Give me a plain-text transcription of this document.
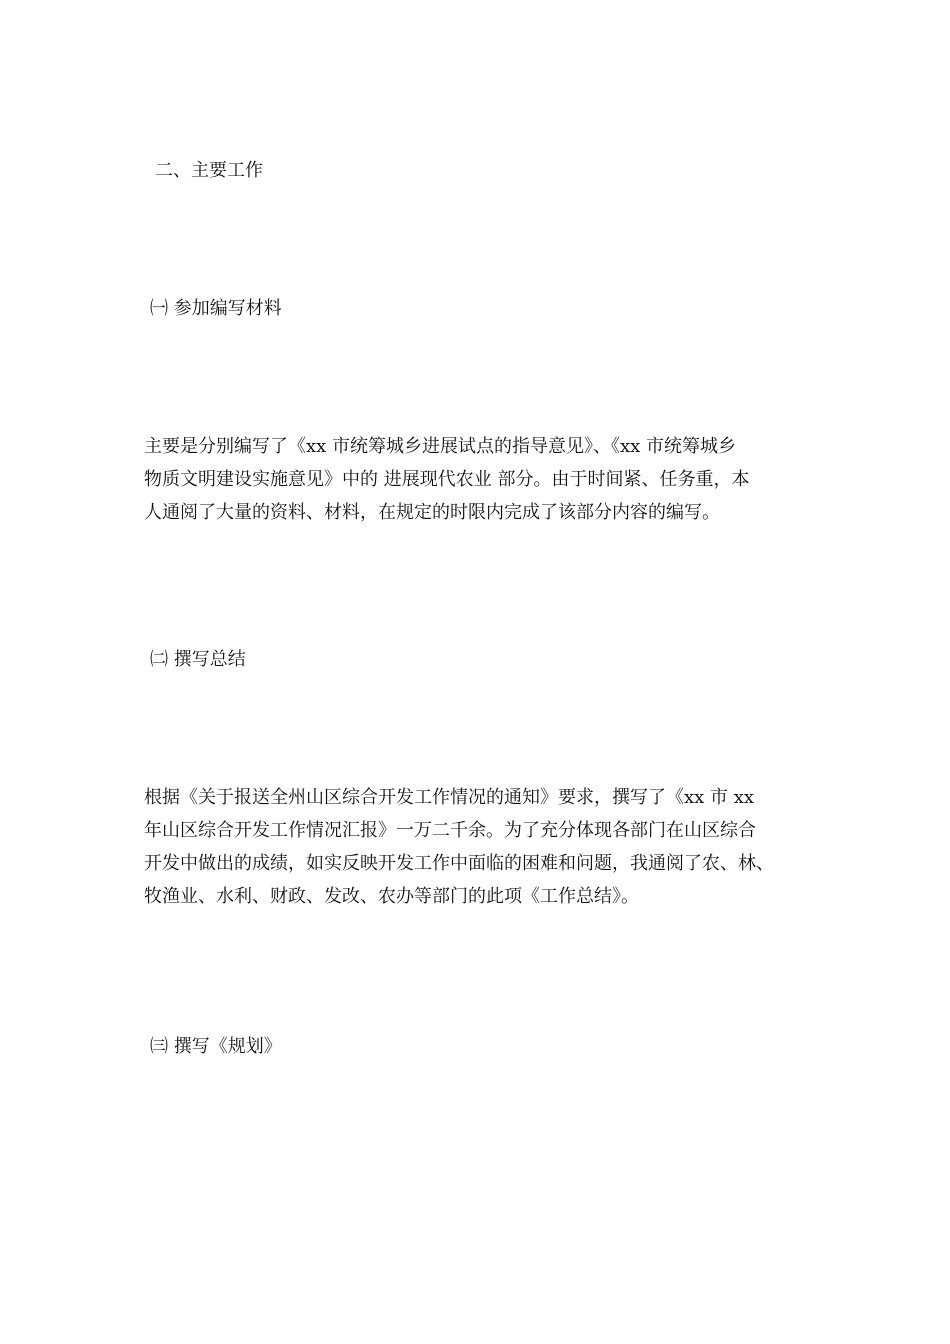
二、主要工作
㈠ 参加编写材料
主要是分别编写了《xx 市统筹城乡进展试点的指导意见》、《xx 市统筹城乡
物质文明建设实施意见》中的 进展现代农业 部分。由于时间紧、任务重，本
人通阅了大量的资料、材料，在规定的时限内完成了该部分内容的编写。
㈡ 撰写总结
根据《关于报送全州山区综合开发工作情况的通知》要求，撰写了《xx 市 xx
年山区综合开发工作情况汇报》一万二千余。为了充分体现各部门在山区综合
开发中做出的成绩，如实反映开发工作中面临的困难和问题，我通阅了农、林、
牧渔业、水利、财政、发改、农办等部门的此项《工作总结》。
㈢ 撰写《规划》
